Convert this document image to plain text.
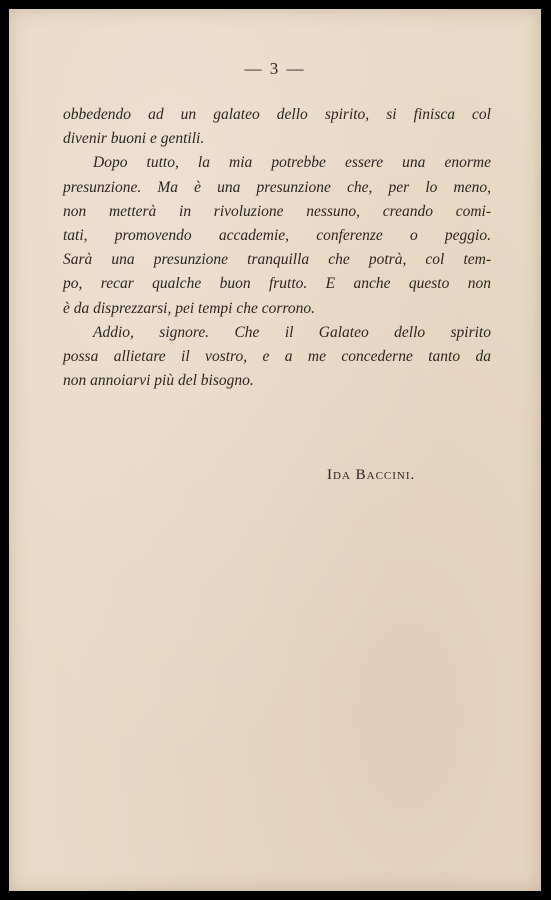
— 3 —
obbedendo ad un galateo dello spirito, si finisca col
divenir buoni e gentili.
Dopo tutto, la mia potrebbe essere una enorme
presunzione. Ma è una presunzione che, per lo meno,
non metterà in rivoluzione nessuno, creando comi-
tati, promovendo accademie, conferenze o peggio.
Sarà una presunzione tranquilla che potrà, col tem-
po, recar qualche buon frutto. E anche questo non
è da disprezzarsi, pei tempi che corrono.
Addio, signore. Che il Galateo dello spirito
possa allietare il vostro, e a me concederne tanto da
non annoiarvi più del bisogno.
Ida Baccini.
